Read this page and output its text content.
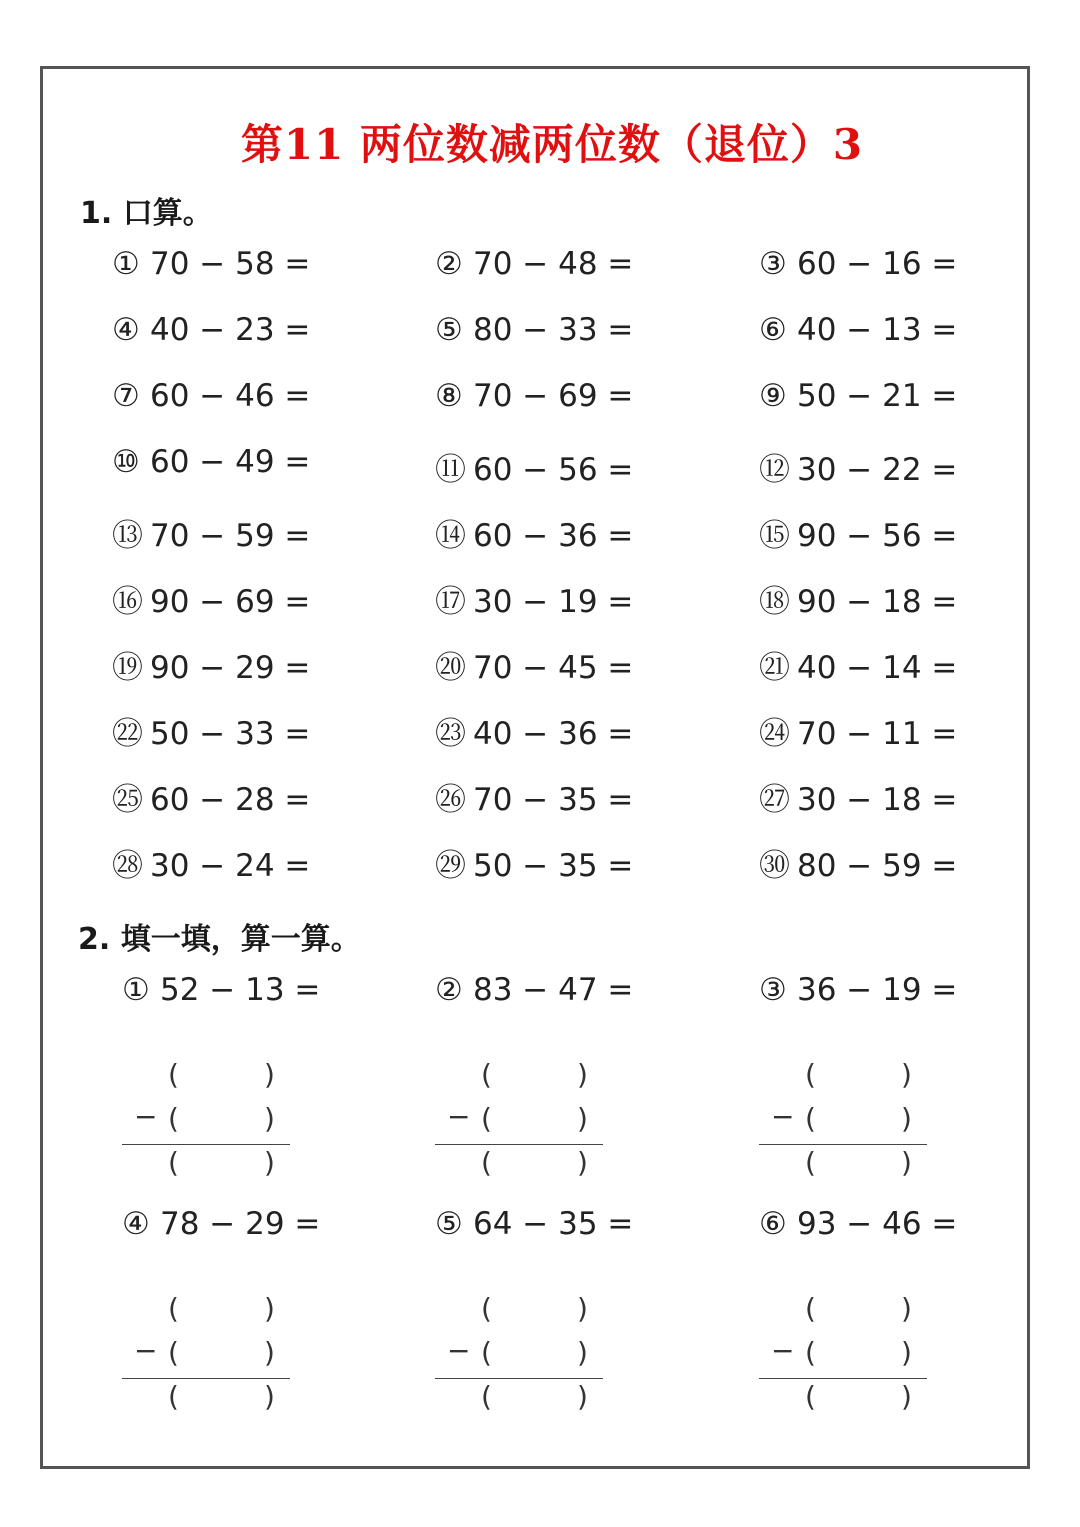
第11 两位数减两位数（退位）3
1. 口算。
① 70 − 58 =	② 70 − 48 =	③ 60 − 16 =
④ 40 − 23 =	⑤ 80 − 33 =	⑥ 40 − 13 =
⑦ 60 − 46 =	⑧ 70 − 69 =	⑨ 50 − 21 =
⑩ 60 − 49 =	⑪ 60 − 56 =	⑫ 30 − 22 =
⑬ 70 − 59 =	⑭ 60 − 36 =	⑮ 90 − 56 =
⑯ 90 − 69 =	⑰ 30 − 19 =	⑱ 90 − 18 =
⑲ 90 − 29 =	⑳ 70 − 45 =	㉑ 40 − 14 =
㉒ 50 − 33 =	㉓ 40 − 36 =	㉔ 70 − 11 =
㉕ 60 − 28 =	㉖ 70 − 35 =	㉗ 30 − 18 =
㉘ 30 − 24 =	㉙ 50 − 35 =	㉚ 80 − 59 =
2. 填一填，算一算。
① 52 − 13 =
(	)
(	)
(	)
−
② 83 − 47 =
(	)
(	)
(	)
−
③ 36 − 19 =
(	)
(	)
(	)
−
④ 78 − 29 =
(	)
(	)
(	)
−
⑤ 64 − 35 =
(	)
(	)
(	)
−
⑥ 93 − 46 =
(	)
(	)
(	)
−
